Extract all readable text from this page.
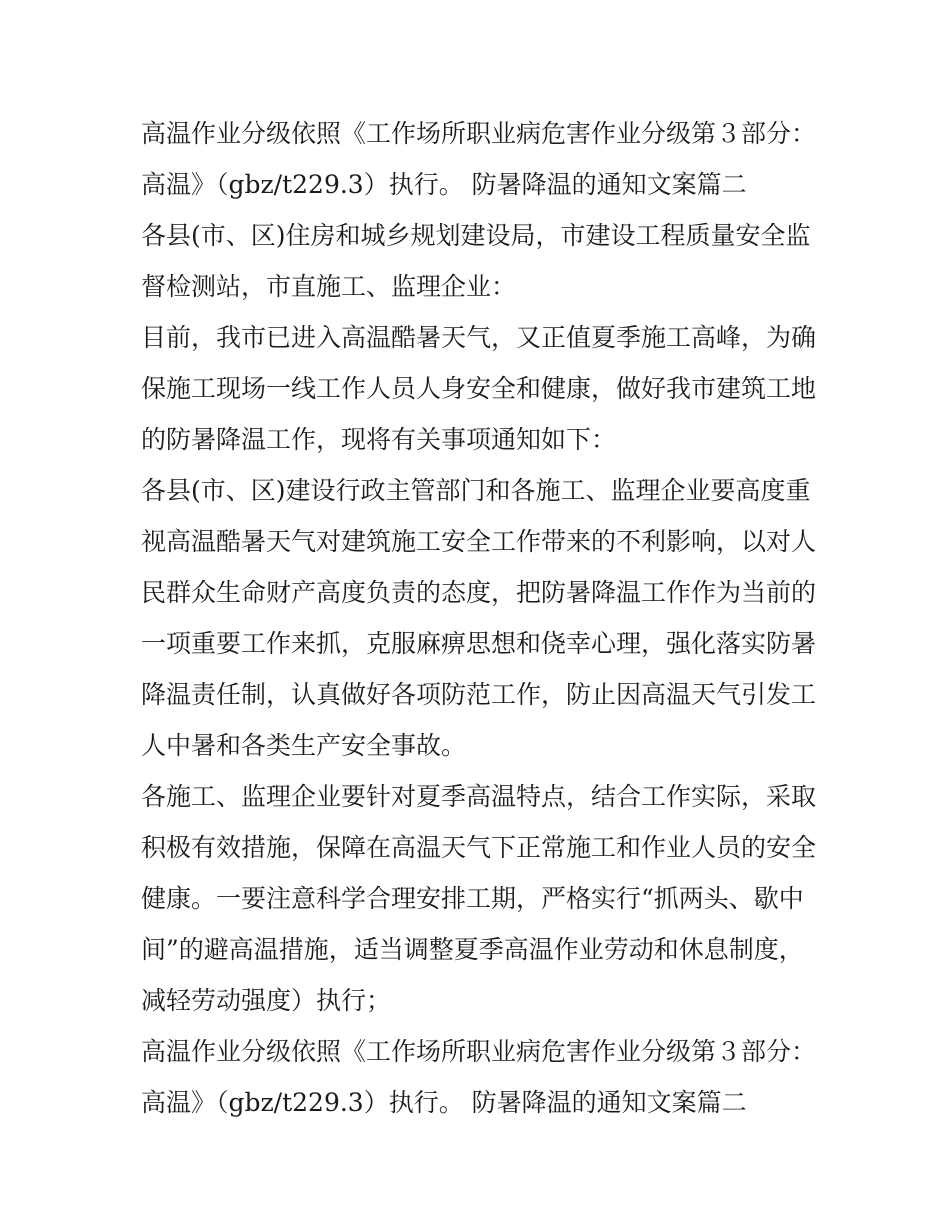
高温作业分级依照《工作场所职业病危害作业分级第３部分：
高温》（gbz/t229.3）执行。 防暑降温的通知文案篇二
各县(市、区)住房和城乡规划建设局，市建设工程质量安全监
督检测站，市直施工、监理企业：
目前，我市已进入高温酷暑天气，又正值夏季施工高峰，为确
保施工现场一线工作人员人身安全和健康，做好我市建筑工地
的防暑降温工作，现将有关事项通知如下：
各县(市、区)建设行政主管部门和各施工、监理企业要高度重
视高温酷暑天气对建筑施工安全工作带来的不利影响，以对人
民群众生命财产高度负责的态度，把防暑降温工作作为当前的
一项重要工作来抓，克服麻痹思想和侥幸心理，强化落实防暑
降温责任制，认真做好各项防范工作，防止因高温天气引发工
人中暑和各类生产安全事故。
各施工、监理企业要针对夏季高温特点，结合工作实际，采取
积极有效措施，保障在高温天气下正常施工和作业人员的安全
健康。一要注意科学合理安排工期，严格实行“抓两头、歇中
间”的避高温措施，适当调整夏季高温作业劳动和休息制度，
减轻劳动强度）执行；
高温作业分级依照《工作场所职业病危害作业分级第３部分：
高温》（gbz/t229.3）执行。 防暑降温的通知文案篇二
